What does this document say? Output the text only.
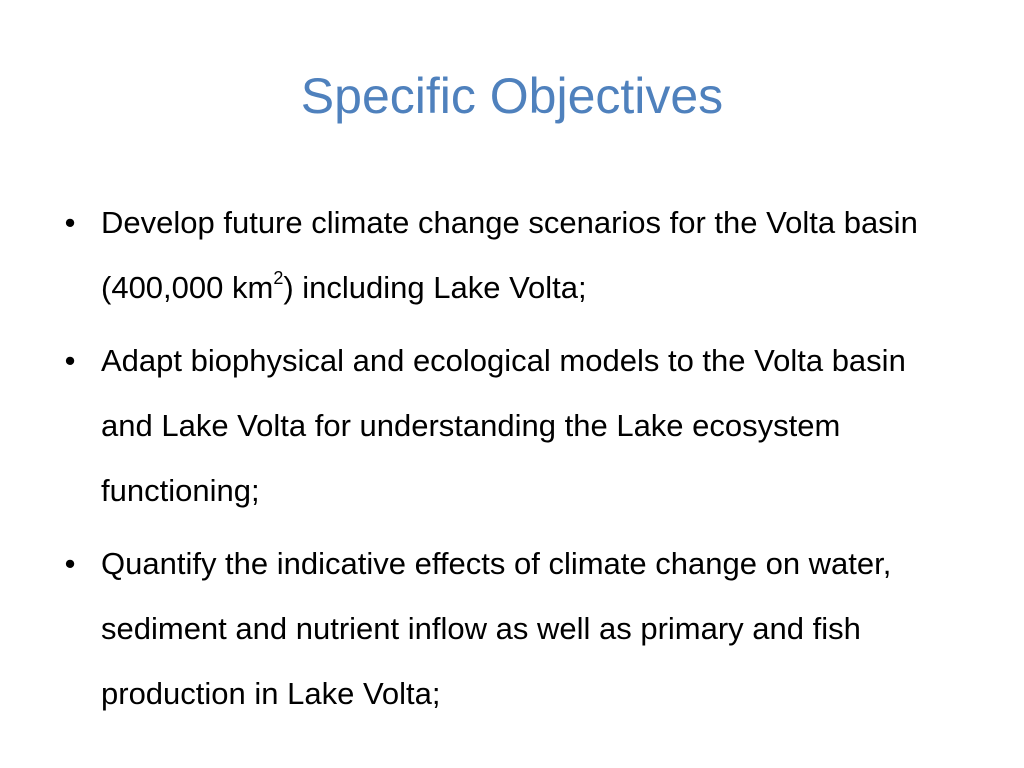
Specific Objectives
• Develop future climate change scenarios for the Volta basin (400,000 $km^2$) including Lake Volta;
• Adapt biophysical and ecological models to the Volta basin and Lake Volta for understanding the Lake ecosystem functioning;
• Quantify the indicative effects of climate change on water, sediment and nutrient inflow as well as primary and fish production in Lake Volta;
